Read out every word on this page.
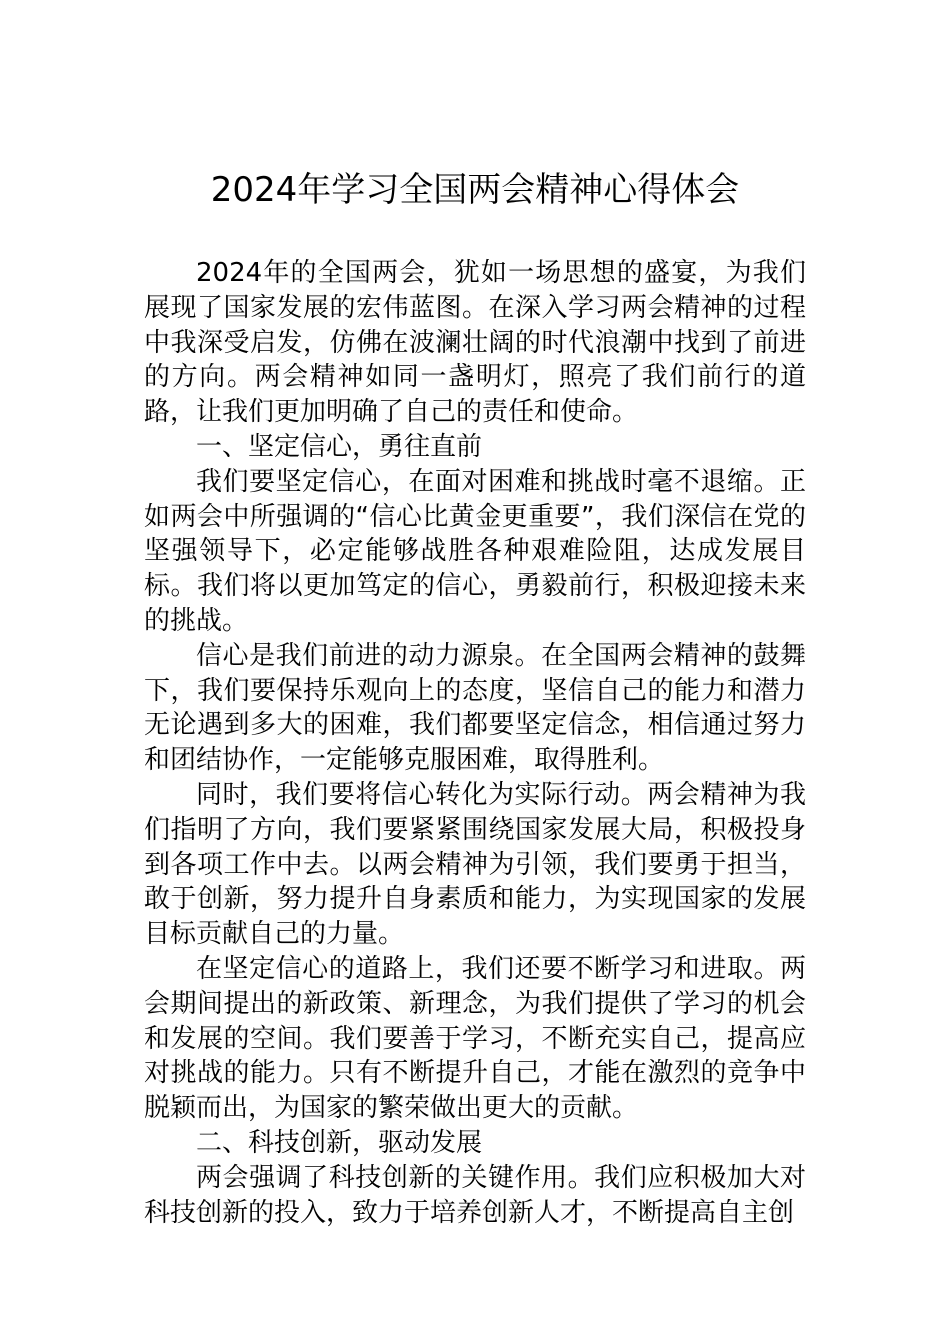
2024年学习全国两会精神心得体会

2024年的全国两会，犹如一场思想的盛宴，为我们展现了国家发展的宏伟蓝图。在深入学习两会精神的过程中我深受启发，仿佛在波澜壮阔的时代浪潮中找到了前进的方向。两会精神如同一盏明灯，照亮了我们前行的道路，让我们更加明确了自己的责任和使命。

一、坚定信心，勇往直前

我们要坚定信心，在面对困难和挑战时毫不退缩。正如两会中所强调的“信心比黄金更重要”，我们深信在党的坚强领导下，必定能够战胜各种艰难险阻，达成发展目标。我们将以更加笃定的信心，勇毅前行，积极迎接未来的挑战。

信心是我们前进的动力源泉。在全国两会精神的鼓舞下，我们要保持乐观向上的态度，坚信自己的能力和潜力无论遇到多大的困难，我们都要坚定信念，相信通过努力和团结协作，一定能够克服困难，取得胜利。

同时，我们要将信心转化为实际行动。两会精神为我们指明了方向，我们要紧紧围绕国家发展大局，积极投身到各项工作中去。以两会精神为引领，我们要勇于担当，敢于创新，努力提升自身素质和能力，为实现国家的发展目标贡献自己的力量。

在坚定信心的道路上，我们还要不断学习和进取。两会期间提出的新政策、新理念，为我们提供了学习的机会和发展的空间。我们要善于学习，不断充实自己，提高应对挑战的能力。只有不断提升自己，才能在激烈的竞争中脱颖而出，为国家的繁荣做出更大的贡献。

二、科技创新，驱动发展

两会强调了科技创新的关键作用。我们应积极加大对科技创新的投入，致力于培养创新人才，不断提高自主创
